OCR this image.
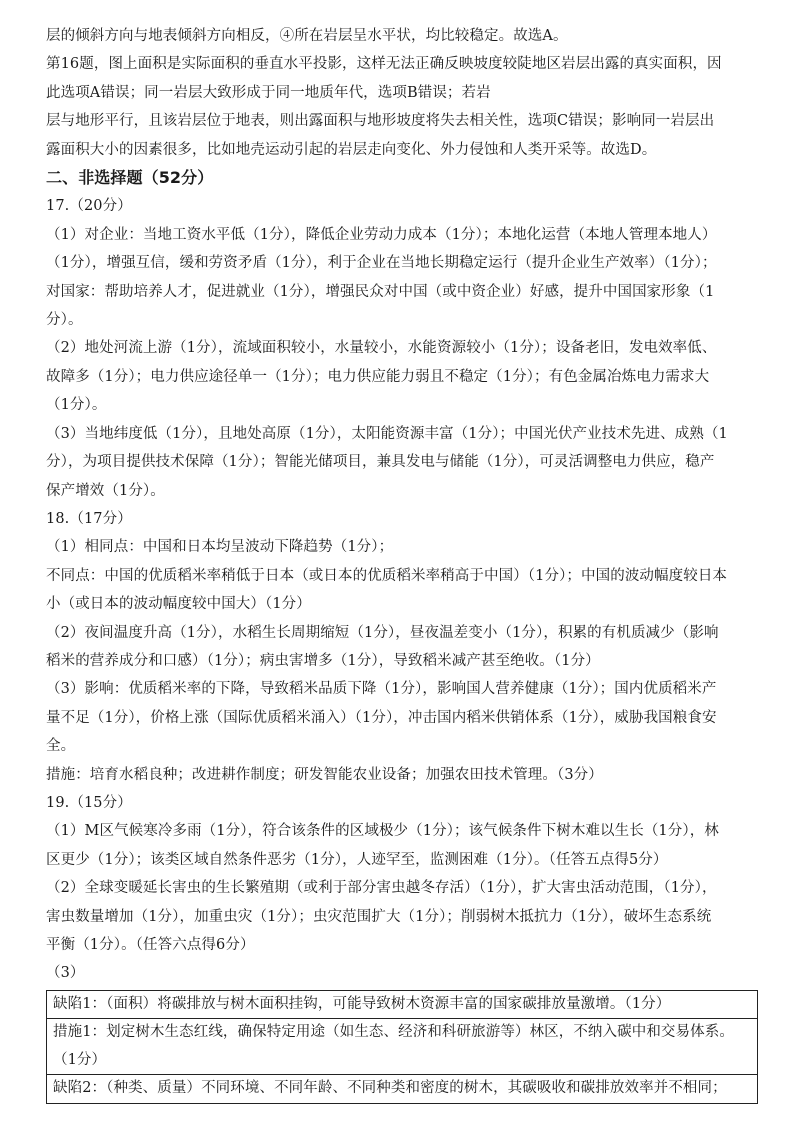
层的倾斜方向与地表倾斜方向相反，④所在岩层呈水平状，均比较稳定。故选A。
第16题，图上面积是实际面积的垂直水平投影，这样无法正确反映坡度较陡地区岩层出露的真实面积，因
此选项A错误；同一岩层大致形成于同一地质年代，选项B错误；若岩
层与地形平行，且该岩层位于地表，则出露面积与地形坡度将失去相关性，选项C错误；影响同一岩层出
露面积大小的因素很多，比如地壳运动引起的岩层走向变化、外力侵蚀和人类开采等。故选D。
二、非选择题（52分）
17.（20分）
（1）对企业：当地工资水平低（1分），降低企业劳动力成本（1分）；本地化运营（本地人管理本地人）
（1分），增强互信，缓和劳资矛盾（1分），利于企业在当地长期稳定运行（提升企业生产效率）（1分）；
对国家：帮助培养人才，促进就业（1分），增强民众对中国（或中资企业）好感，提升中国国家形象（1
分）。
（2）地处河流上游（1分），流域面积较小，水量较小，水能资源较小（1分）；设备老旧，发电效率低、
故障多（1分）；电力供应途径单一（1分）；电力供应能力弱且不稳定（1分）；有色金属冶炼电力需求大
（1分）。
（3）当地纬度低（1分），且地处高原（1分），太阳能资源丰富（1分）；中国光伏产业技术先进、成熟（1
分），为项目提供技术保障（1分）；智能光储项目，兼具发电与储能（1分），可灵活调整电力供应，稳产
保产增效（1分）。
18.（17分）
（1）相同点：中国和日本均呈波动下降趋势（1分）；
不同点：中国的优质稻米率稍低于日本（或日本的优质稻米率稍高于中国）（1分）；中国的波动幅度较日本
小（或日本的波动幅度较中国大）（1分）
（2）夜间温度升高（1分），水稻生长周期缩短（1分），昼夜温差变小（1分），积累的有机质减少（影响
稻米的营养成分和口感）（1分）；病虫害增多（1分），导致稻米减产甚至绝收。（1分）
（3）影响：优质稻米率的下降，导致稻米品质下降（1分），影响国人营养健康（1分）；国内优质稻米产
量不足（1分），价格上涨（国际优质稻米涌入）（1分），冲击国内稻米供销体系（1分），威胁我国粮食安
全。
措施：培育水稻良种；改进耕作制度；研发智能农业设备；加强农田技术管理。（3分）
19.（15分）
（1）M区气候寒冷多雨（1分），符合该条件的区域极少（1分）；该气候条件下树木难以生长（1分），林
区更少（1分）；该类区域自然条件恶劣（1分），人迹罕至，监测困难（1分）。（任答五点得5分）
（2）全球变暖延长害虫的生长繁殖期（或利于部分害虫越冬存活）（1分），扩大害虫活动范围，（1分），
害虫数量增加（1分），加重虫灾（1分）；虫灾范围扩大（1分）；削弱树木抵抗力（1分），破坏生态系统
平衡（1分）。（任答六点得6分）
（3）
缺陷1：（面积）将碳排放与树木面积挂钩，可能导致树木资源丰富的国家碳排放量激增。（1分）
措施1：划定树木生态红线，确保特定用途（如生态、经济和科研旅游等）林区，不纳入碳中和交易体系。
（1分）
缺陷2：（种类、质量）不同环境、不同年龄、不同种类和密度的树木，其碳吸收和碳排放效率并不相同；
